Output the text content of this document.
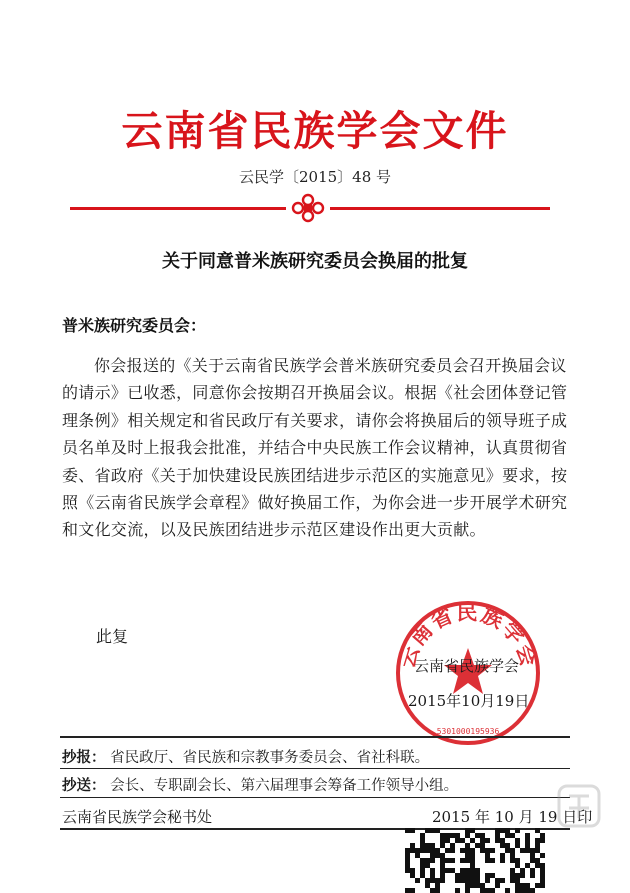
云南省民族学会文件
云民学〔2015〕48 号
关于同意普米族研究委员会换届的批复
普米族研究委员会：
你会报送的《关于云南省民族学会普米族研究委员会召开换届会议的请示》已收悉，同意你会按期召开换届会议。根据《社会团体登记管理条例》相关规定和省民政厅有关要求，请你会将换届后的领导班子成员名单及时上报我会批准，并结合中央民族工作会议精神，认真贯彻省委、省政府《关于加快建设民族团结进步示范区的实施意见》要求，按照《云南省民族学会章程》做好换届工作，为你会进一步开展学术研究和文化交流，以及民族团结进步示范区建设作出更大贡献。
此复
云南省民族学会
5301000195936
云南省民族学会
2015年10月19日
抄报： 省民政厅、省民族和宗教事务委员会、省社科联。
抄送： 会长、专职副会长、第六届理事会筹备工作领导小组。
云南省民族学会秘书处	2015 年 10 月 19 日印
